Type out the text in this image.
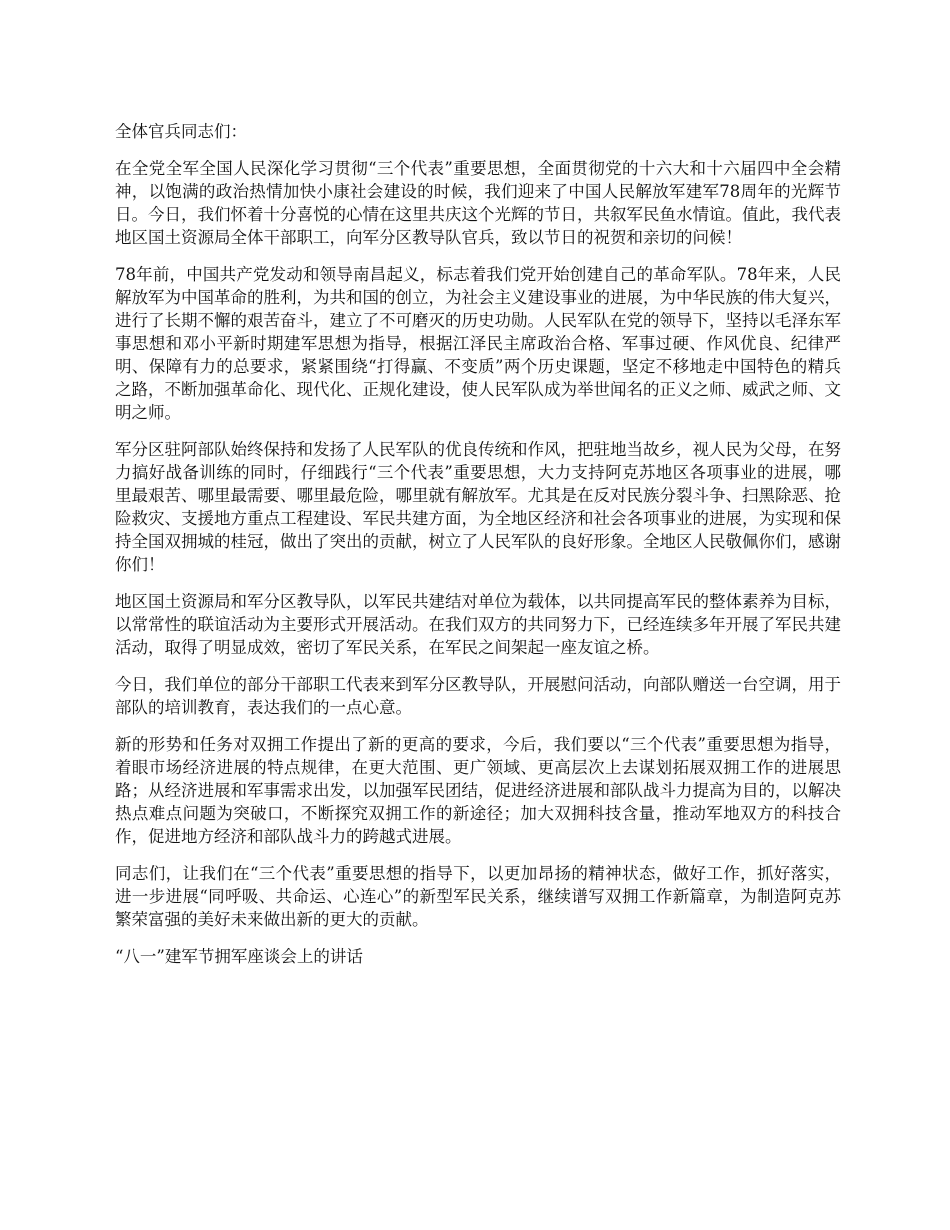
全体官兵同志们：

在全党全军全国人民深化学习贯彻“三个代表”重要思想，全面贯彻党的十六大和十六届四中全会精神，以饱满的政治热情加快小康社会建设的时候，我们迎来了中国人民解放军建军78周年的光辉节日。今日，我们怀着十分喜悦的心情在这里共庆这个光辉的节日，共叙军民鱼水情谊。值此，我代表地区国土资源局全体干部职工，向军分区教导队官兵，致以节日的祝贺和亲切的问候！

78年前，中国共产党发动和领导南昌起义，标志着我们党开始创建自己的革命军队。78年来，人民解放军为中国革命的胜利，为共和国的创立，为社会主义建设事业的进展，为中华民族的伟大复兴，进行了长期不懈的艰苦奋斗，建立了不可磨灭的历史功勋。人民军队在党的领导下，坚持以毛泽东军事思想和邓小平新时期建军思想为指导，根据江泽民主席政治合格、军事过硬、作风优良、纪律严明、保障有力的总要求，紧紧围绕“打得赢、不变质”两个历史课题，坚定不移地走中国特色的精兵之路，不断加强革命化、现代化、正规化建设，使人民军队成为举世闻名的正义之师、威武之师、文明之师。

军分区驻阿部队始终保持和发扬了人民军队的优良传统和作风，把驻地当故乡，视人民为父母，在努力搞好战备训练的同时，仔细践行“三个代表”重要思想，大力支持阿克苏地区各项事业的进展，哪里最艰苦、哪里最需要、哪里最危险，哪里就有解放军。尤其是在反对民族分裂斗争、扫黑除恶、抢险救灾、支援地方重点工程建设、军民共建方面，为全地区经济和社会各项事业的进展，为实现和保持全国双拥城的桂冠，做出了突出的贡献，树立了人民军队的良好形象。全地区人民敬佩你们，感谢你们！

地区国土资源局和军分区教导队，以军民共建结对单位为载体，以共同提高军民的整体素养为目标，以常常性的联谊活动为主要形式开展活动。在我们双方的共同努力下，已经连续多年开展了军民共建活动，取得了明显成效，密切了军民关系，在军民之间架起一座友谊之桥。

今日，我们单位的部分干部职工代表来到军分区教导队，开展慰问活动，向部队赠送一台空调，用于部队的培训教育，表达我们的一点心意。

新的形势和任务对双拥工作提出了新的更高的要求，今后，我们要以“三个代表”重要思想为指导，着眼市场经济进展的特点规律，在更大范围、更广领域、更高层次上去谋划拓展双拥工作的进展思路；从经济进展和军事需求出发，以加强军民团结，促进经济进展和部队战斗力提高为目的，以解决热点难点问题为突破口，不断探究双拥工作的新途径；加大双拥科技含量，推动军地双方的科技合作，促进地方经济和部队战斗力的跨越式进展。

同志们，让我们在“三个代表”重要思想的指导下，以更加昂扬的精神状态，做好工作，抓好落实，进一步进展“同呼吸、共命运、心连心”的新型军民关系，继续谱写双拥工作新篇章，为制造阿克苏繁荣富强的美好未来做出新的更大的贡献。

“八一”建军节拥军座谈会上的讲话
